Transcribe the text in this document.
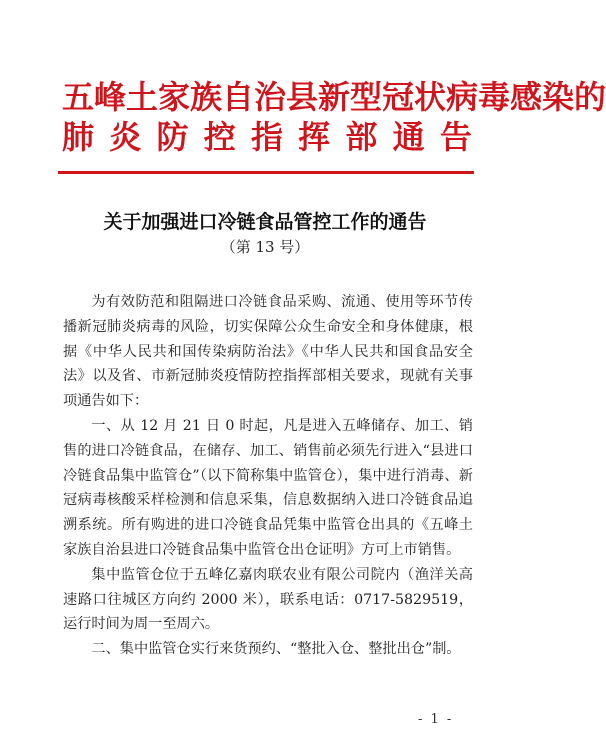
五峰土家族自治县新型冠状病毒感染的
肺 炎 防 控 指 挥 部 通 告
关于加强进口冷链食品管控工作的通告
（第 13 号）

为有效防范和阻隔进口冷链食品采购、流通、使用等环节传播新冠肺炎病毒的风险，切实保障公众生命安全和身体健康，根据《中华人民共和国传染病防治法》《中华人民共和国食品安全法》以及省、市新冠肺炎疫情防控指挥部相关要求，现就有关事项通告如下：

一、从 12 月 21 日 0 时起，凡是进入五峰储存、加工、销售的进口冷链食品，在储存、加工、销售前必须先行进入“县进口冷链食品集中监管仓”（以下简称集中监管仓），集中进行消毒、新冠病毒核酸采样检测和信息采集，信息数据纳入进口冷链食品追溯系统。所有购进的进口冷链食品凭集中监管仓出具的《五峰土家族自治县进口冷链食品集中监管仓出仓证明》方可上市销售。

集中监管仓位于五峰亿嘉肉联农业有限公司院内（渔洋关高速路口往城区方向约 2000 米），联系电话：0717-5829519，运行时间为周一至周六。

二、集中监管仓实行来货预约、“整批入仓、整批出仓”制。

- 1 -
